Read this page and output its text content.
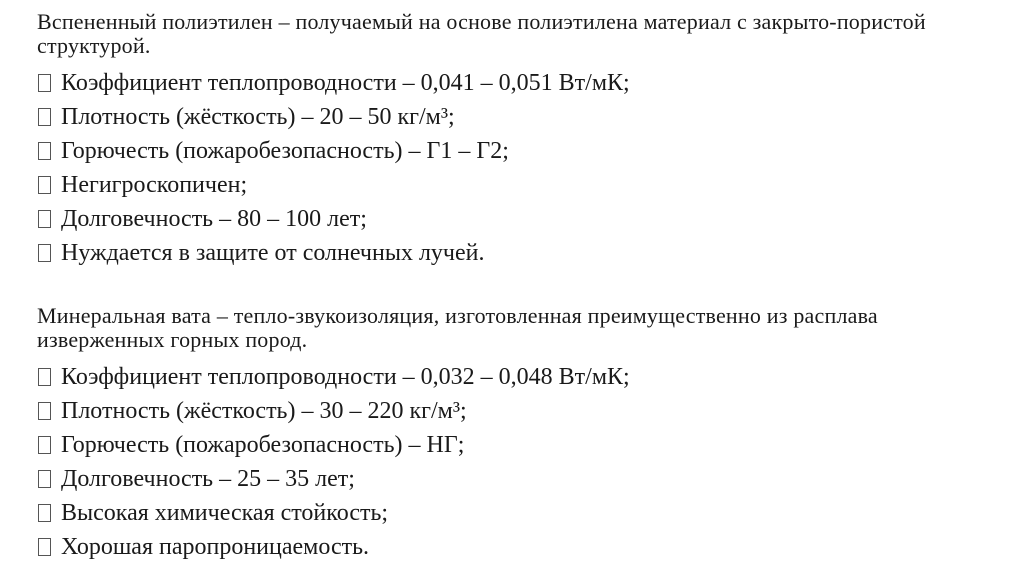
Вспененный полиэтилен – получаемый на основе полиэтилена материал с закрыто-пористой структурой.

Коэффициент теплопроводности – 0,041 – 0,051 Вт/мК;
Плотность (жёсткость) – 20 – 50 кг/м³;
Горючесть (пожаробезопасность) – Г1 – Г2;
Негигроскопичен;
Долговечность – 80 – 100 лет;
Нуждается в защите от солнечных лучей.

Минеральная вата – тепло-звукоизоляция, изготовленная преимущественно из расплава изверженных горных пород.

Коэффициент теплопроводности – 0,032 – 0,048 Вт/мК;
Плотность (жёсткость) – 30 – 220 кг/м³;
Горючесть (пожаробезопасность) – НГ;
Долговечность – 25 – 35 лет;
Высокая химическая стойкость;
Хорошая паропроницаемость.
